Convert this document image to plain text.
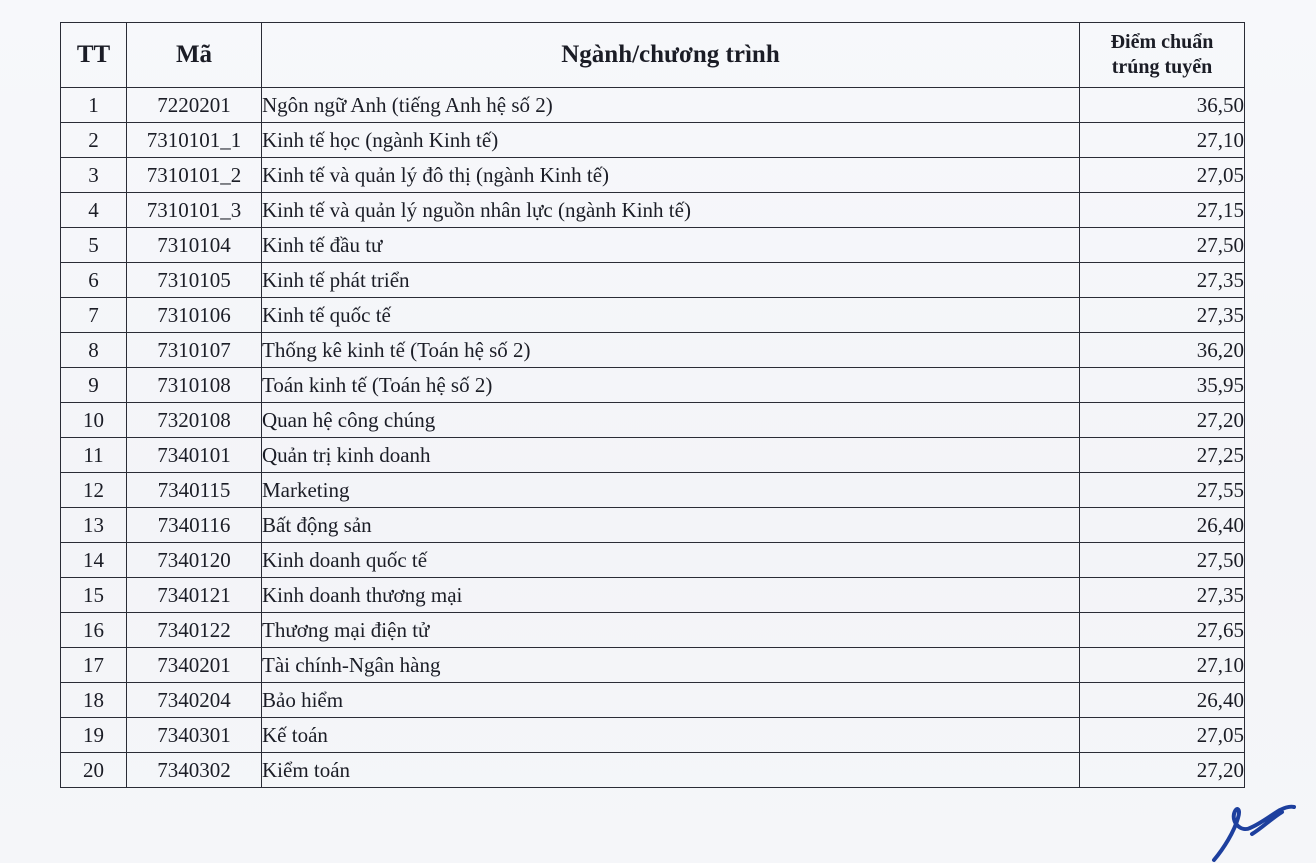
TT	Mã	Ngành/chương trình	Điểm chuẩn
trúng tuyển
1	7220201	Ngôn ngữ Anh (tiếng Anh hệ số 2)	36,50
2	7310101_1	Kinh tế học (ngành Kinh tế)	27,10
3	7310101_2	Kinh tế và quản lý đô thị (ngành Kinh tế)	27,05
4	7310101_3	Kinh tế và quản lý nguồn nhân lực (ngành Kinh tế)	27,15
5	7310104	Kinh tế đầu tư	27,50
6	7310105	Kinh tế phát triển	27,35
7	7310106	Kinh tế quốc tế	27,35
8	7310107	Thống kê kinh tế (Toán hệ số 2)	36,20
9	7310108	Toán kinh tế (Toán hệ số 2)	35,95
10	7320108	Quan hệ công chúng	27,20
11	7340101	Quản trị kinh doanh	27,25
12	7340115	Marketing	27,55
13	7340116	Bất động sản	26,40
14	7340120	Kinh doanh quốc tế	27,50
15	7340121	Kinh doanh thương mại	27,35
16	7340122	Thương mại điện tử	27,65
17	7340201	Tài chính-Ngân hàng	27,10
18	7340204	Bảo hiểm	26,40
19	7340301	Kế toán	27,05
20	7340302	Kiểm toán	27,20
